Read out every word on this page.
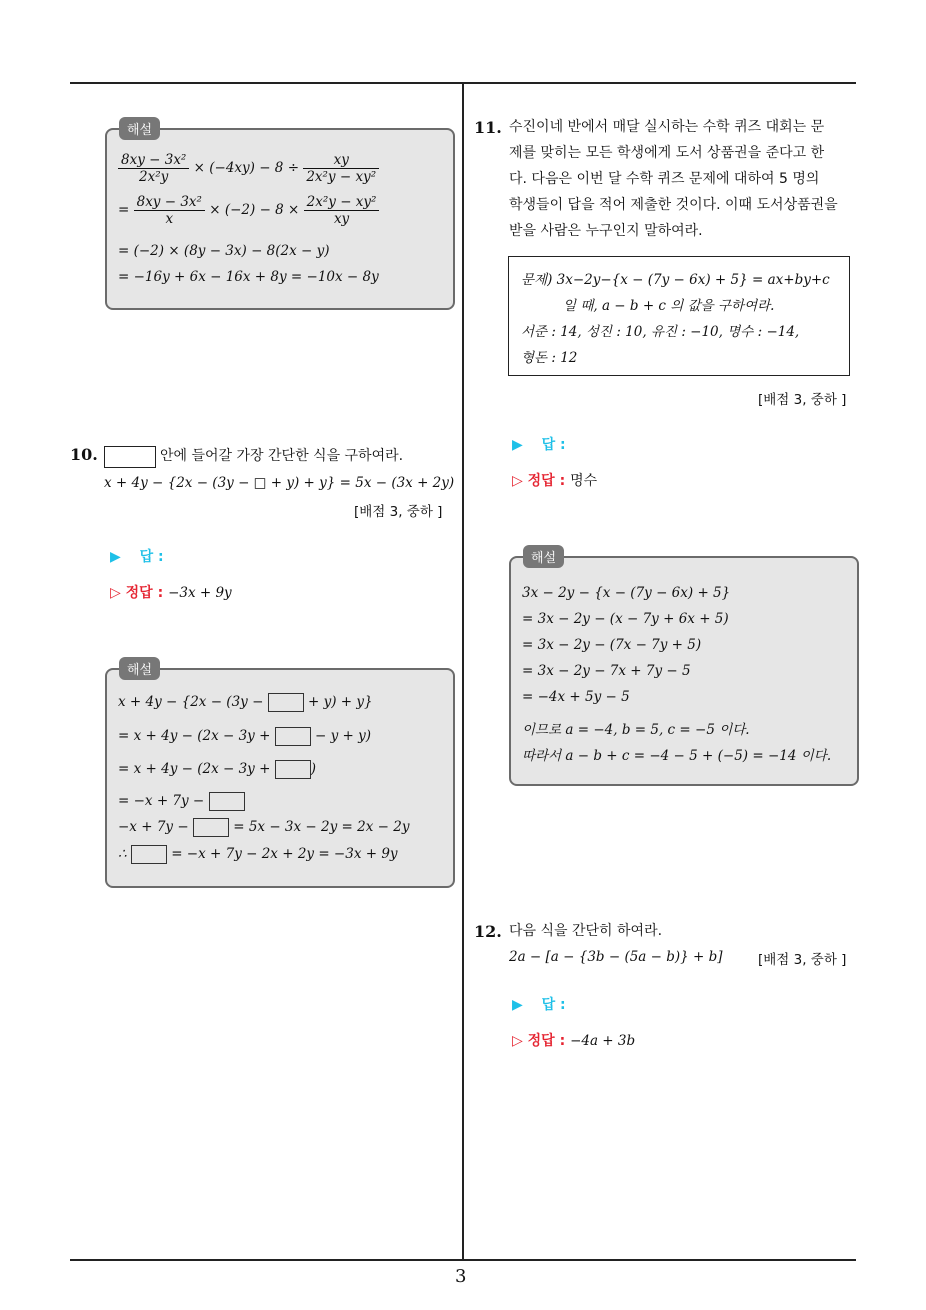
3
해설
$\frac{\text{8xy − 3x²}}{\text{2x²y}} \times (-4xy) - 8 \div \frac{xy}{\text{2x²y − xy²}}$
= $\frac{\text{8xy − 3x²}}{x} \times (-2) - 8 \times \frac{\text{2x²y − xy²}}{xy}$
= (−2) × (8y − 3x) − 8(2x − y)
= −16y + 6x − 16x + 8y = −10x − 8y
10.	안에 들어갈 가장 간단한 식을 구하여라.
x + 4y − {2x − (3y − □ + y) + y} = 5x − (3x + 2y)
[배점 3, 중하 ]
▶ 답 :
▷ 정답 : −3x + 9y
해설
x + 4y − {2x − (3y −	+ y) + y}
= x + 4y − (2x − 3y +	− y + y)
= x + 4y − (2x − 3y +	)
= −x + 7y −
−x + 7y −	= 5x − 3x − 2y = 2x − 2y
∴	= −x + 7y − 2x + 2y = −3x + 9y
11. 수진이네 반에서 매달 실시하는 수학 퀴즈 대회는 문
제를 맞히는 모든 학생에게 도서 상품권을 준다고 한
다. 다음은 이번 달 수학 퀴즈 문제에 대하여 5 명의
학생들이 답을 적어 제출한 것이다. 이때 도서상품권을
받을 사람은 누구인지 말하여라.
문제) 3x−2y−{x − (7y − 6x) + 5} = ax+by+c
일 때, a − b + c 의 값을 구하여라.
서준 : 14, 성진 : 10, 유진 : −10, 명수 : −14,
형돈 : 12
[배점 3, 중하 ]
▶ 답 :
▷ 정답 : 명수
해설
3x − 2y − {x − (7y − 6x) + 5}
= 3x − 2y − (x − 7y + 6x + 5)
= 3x − 2y − (7x − 7y + 5)
= 3x − 2y − 7x + 7y − 5
= −4x + 5y − 5
이므로 a = −4, b = 5, c = −5 이다.
따라서 a − b + c = −4 − 5 + (−5) = −14 이다.
12. 다음 식을 간단히 하여라.
2a − [a − {3b − (5a − b)} + b]	[배점 3, 중하 ]
▶ 답 :
▷ 정답 : −4a + 3b
